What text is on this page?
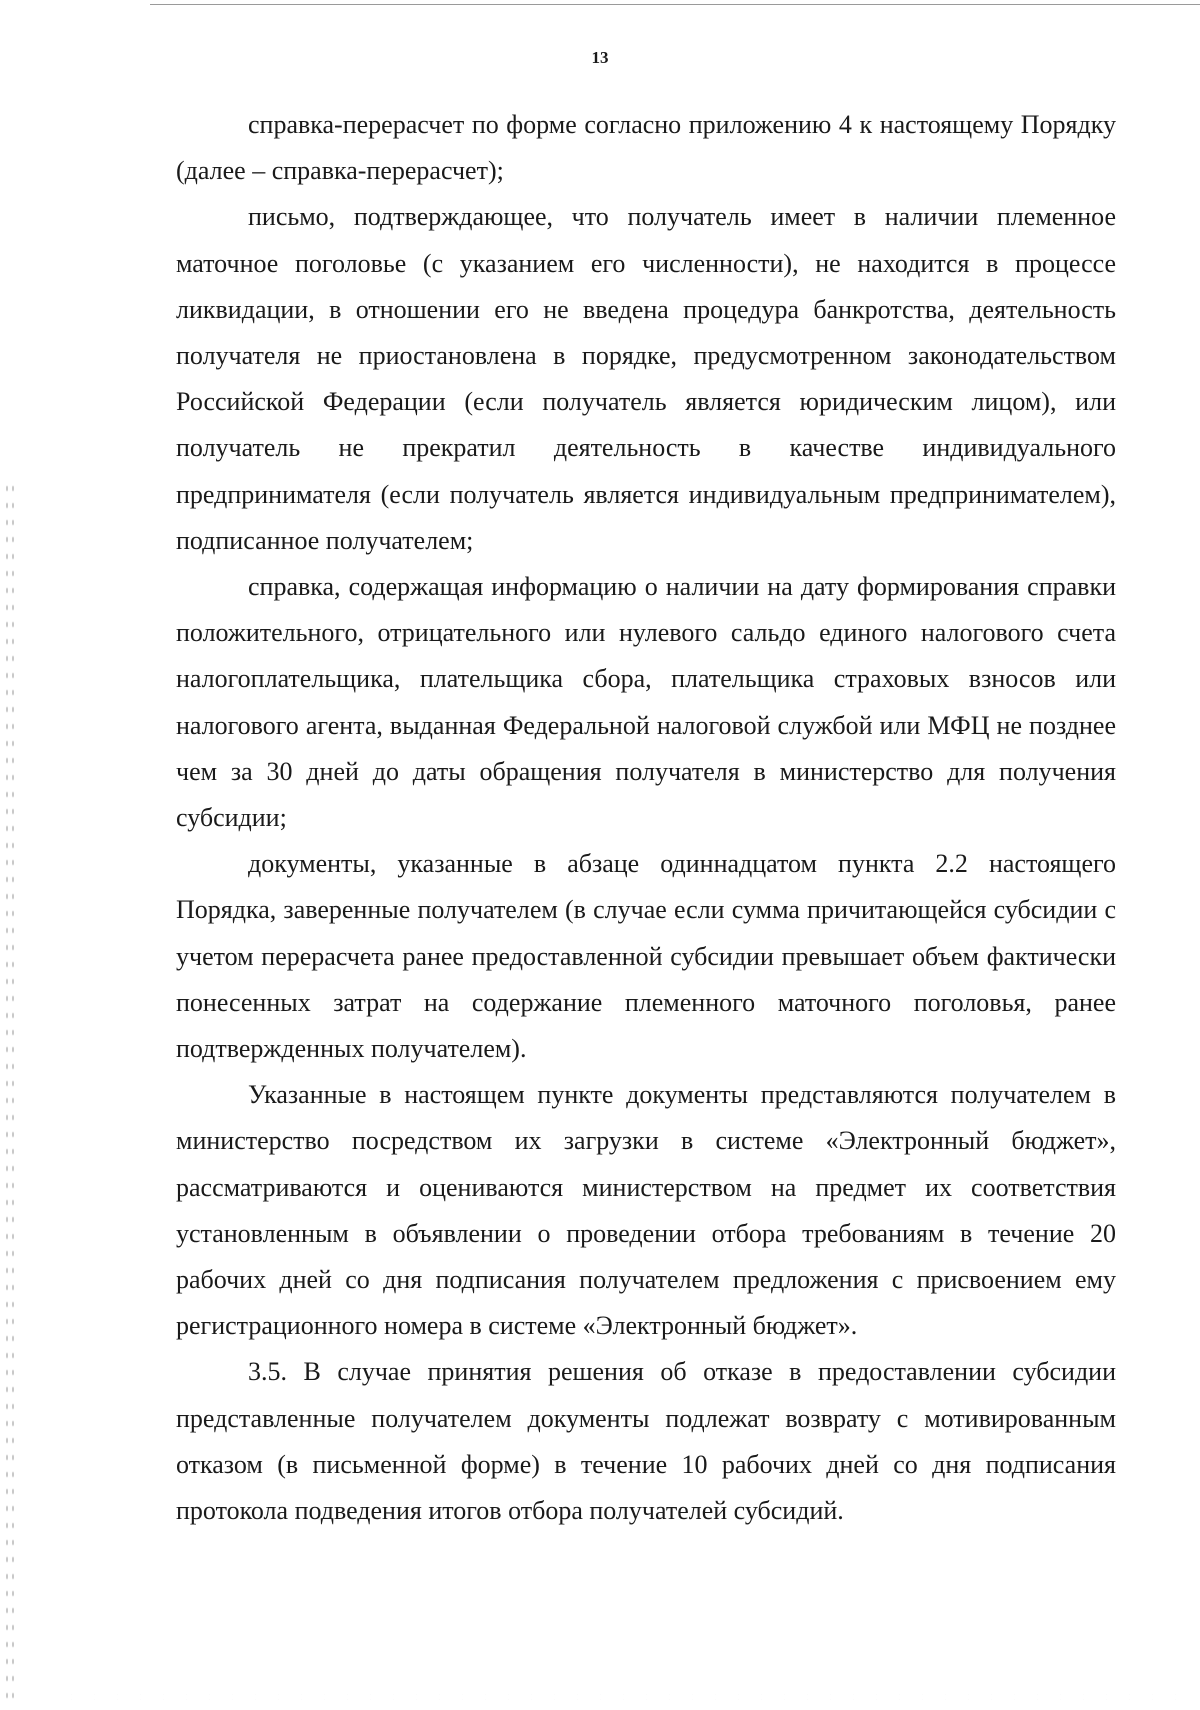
13

справка-перерасчет по форме согласно приложению 4 к настоящему Порядку (далее – справка-перерасчет);

письмо, подтверждающее, что получатель имеет в наличии племенное маточное поголовье (с указанием его численности), не находится в процессе ликвидации, в отношении его не введена процедура банкротства, деятельность получателя не приостановлена в порядке, предусмотренном законодательством Российской Федерации (если получатель является юридическим лицом), или получатель не прекратил деятельность в качестве индивидуального предпринимателя (если получатель является индивидуальным предпринимателем), подписанное получателем;

справка, содержащая информацию о наличии на дату формирования справки положительного, отрицательного или нулевого сальдо единого налогового счета налогоплательщика, плательщика сбора, плательщика страховых взносов или налогового агента, выданная Федеральной налоговой службой или МФЦ не позднее чем за 30 дней до даты обращения получателя в министерство для получения субсидии;

документы, указанные в абзаце одиннадцатом пункта 2.2 настоящего Порядка, заверенные получателем (в случае если сумма причитающейся субсидии с учетом перерасчета ранее предоставленной субсидии превышает объем фактически понесенных затрат на содержание племенного маточного поголовья, ранее подтвержденных получателем).

Указанные в настоящем пункте документы представляются получателем в министерство посредством их загрузки в системе «Электронный бюджет», рассматриваются и оцениваются министерством на предмет их соответствия установленным в объявлении о проведении отбора требованиям в течение 20 рабочих дней со дня подписания получателем предложения с присвоением ему регистрационного номера в системе «Электронный бюджет».

3.5. В случае принятия решения об отказе в предоставлении субсидии представленные получателем документы подлежат возврату с мотивированным отказом (в письменной форме) в течение 10 рабочих дней со дня подписания протокола подведения итогов отбора получателей субсидий.
